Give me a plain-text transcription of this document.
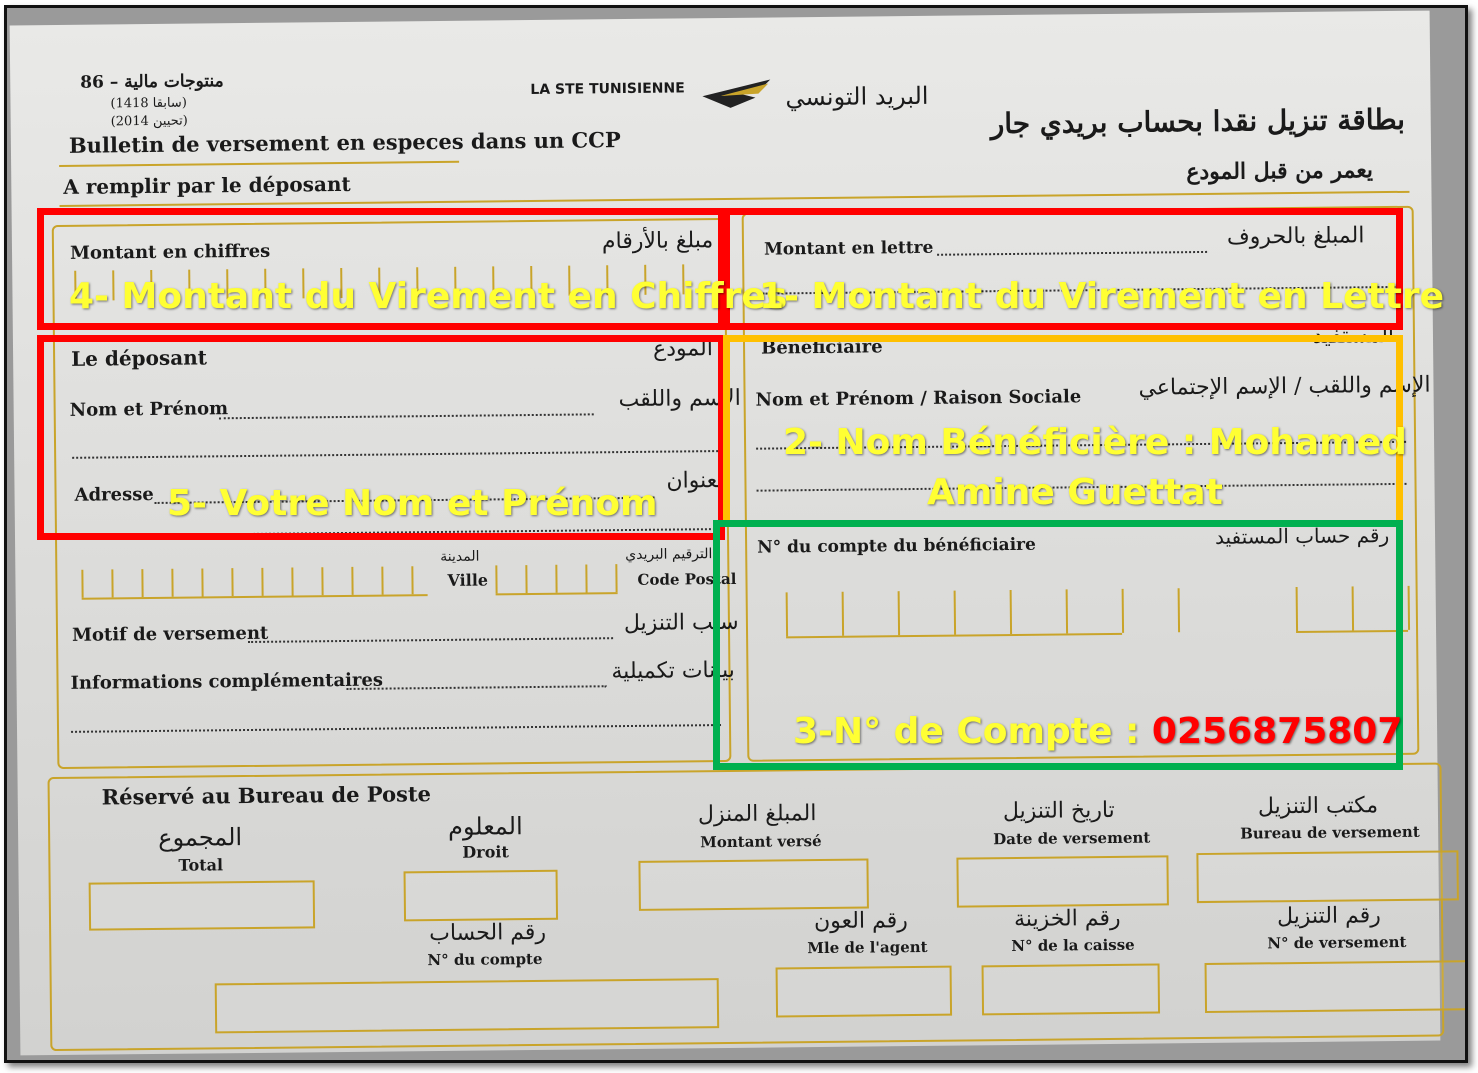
86 – منتوجات مالية
(1418 سابقا)
(تحيين 2014)
Bulletin de versement en especes dans un CCP
LA STE TUNISIENNE	البريد التونسي
بطاقة تنزيل نقدا بحساب بريدي جار
A remplir par le déposant
يعمر من قبل المودع
Montant en chiffres	مبلغ بالأرقام
Le déposant	المودع
Nom et Prénom	الإسم واللقب
Adresse
العنوان
المدينة
Ville
الترقيم البريدي
Code Postal
Motif de versement	سبب التنزيل
Informations complémentaires	بيانات تكميلية
Montant en lettre	المبلغ بالحروف
Bénéficiaire	المستفيد
Nom et Prénom / Raison Sociale	الإسم واللقب / الإسم الإجتماعي
N° du compte du bénéficiaire	رقم حساب المستفيد
Réservé au Bureau de Poste
المجموع
Total
المعلوم
Droit
المبلغ المنزل
Montant versé
تاريخ التنزيل
Date de versement
مكتب التنزيل
Bureau de versement
رقم الحساب
N° du compte
رقم العون
Mle de l'agent
رقم الخزينة
N° de la caisse
رقم التنزيل
N° de versement
4- Montant du Virement en Chiffres
1- Montant du Virement en Lettre
2- Nom Bénéficière : Mohamed
Amine Guettat
5- Votre Nom et Prénom
3-N° de Compte : 0256875807
